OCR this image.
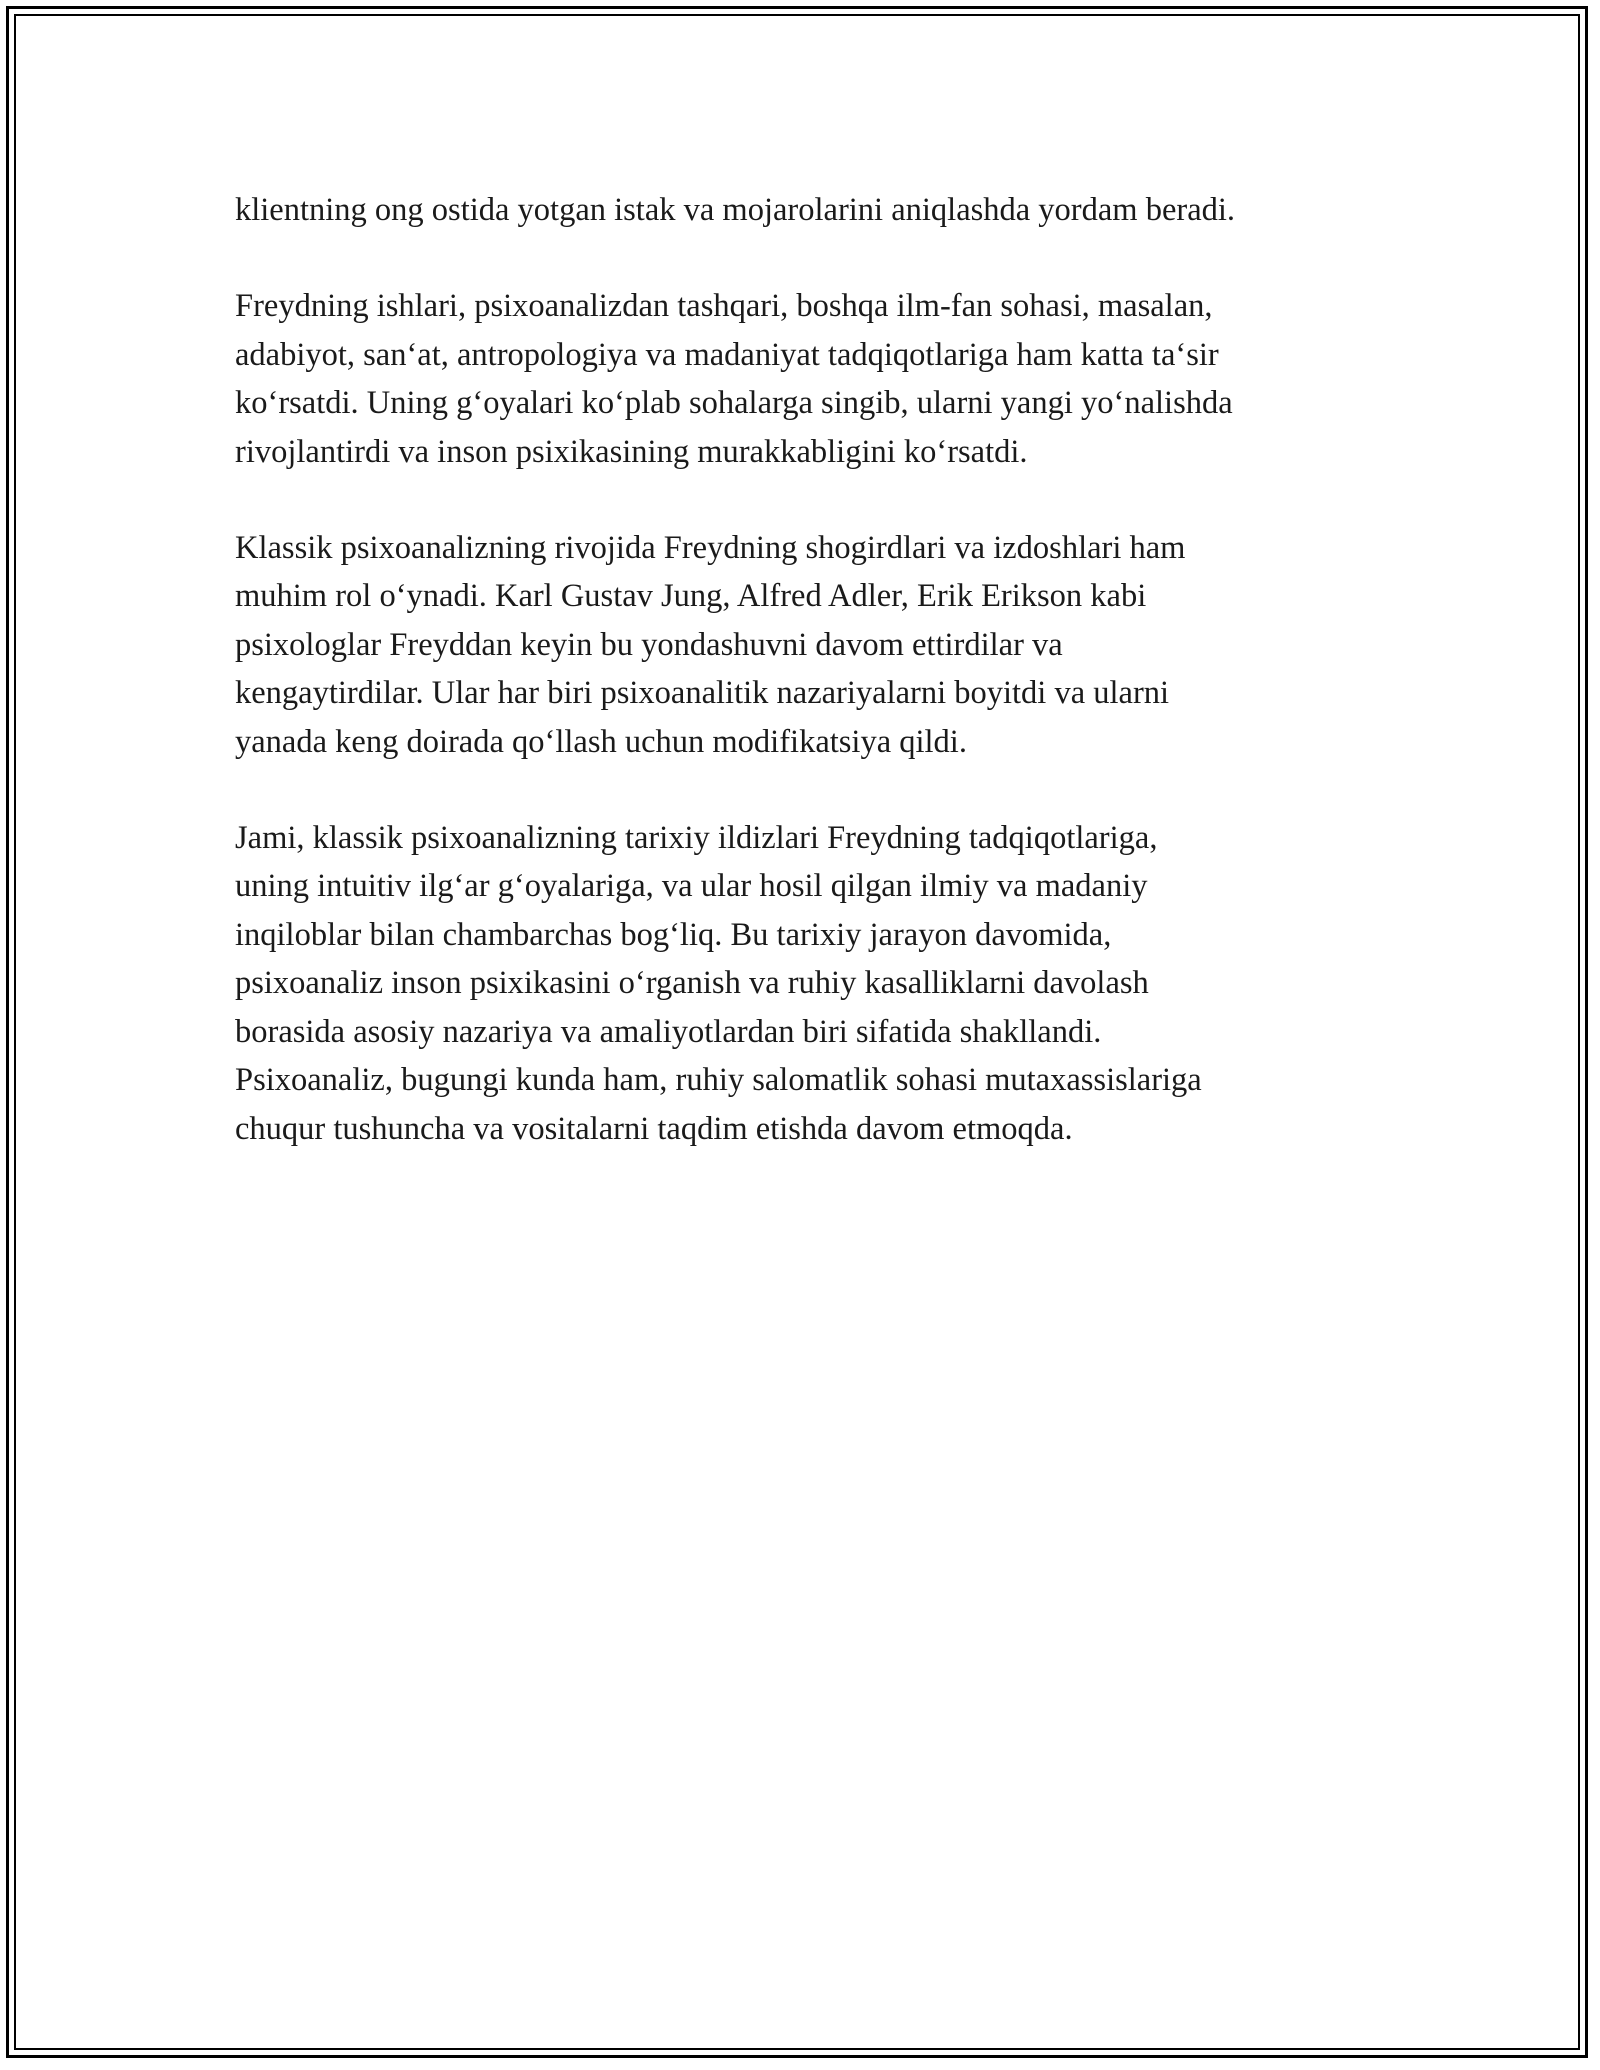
klientning ong ostida yotgan istak va mojarolarini aniqlashda yordam beradi.

Freydning ishlari, psixoanalizdan tashqari, boshqa ilm-fan sohasi, masalan,
adabiyot, san‘at, antropologiya va madaniyat tadqiqotlariga ham katta ta‘sir
ko‘rsatdi. Uning g‘oyalari ko‘plab sohalarga singib, ularni yangi yo‘nalishda
rivojlantirdi va inson psixikasining murakkabligini ko‘rsatdi.

Klassik psixoanalizning rivojida Freydning shogirdlari va izdoshlari ham
muhim rol o‘ynadi. Karl Gustav Jung, Alfred Adler, Erik Erikson kabi
psixologlar Freyddan keyin bu yondashuvni davom ettirdilar va
kengaytirdilar. Ular har biri psixoanalitik nazariyalarni boyitdi va ularni
yanada keng doirada qo‘llash uchun modifikatsiya qildi.

Jami, klassik psixoanalizning tarixiy ildizlari Freydning tadqiqotlariga,
uning intuitiv ilg‘ar g‘oyalariga, va ular hosil qilgan ilmiy va madaniy
inqiloblar bilan chambarchas bog‘liq. Bu tarixiy jarayon davomida,
psixoanaliz inson psixikasini o‘rganish va ruhiy kasalliklarni davolash
borasida asosiy nazariya va amaliyotlardan biri sifatida shakllandi.
Psixoanaliz, bugungi kunda ham, ruhiy salomatlik sohasi mutaxassislariga
chuqur tushuncha va vositalarni taqdim etishda davom etmoqda.
